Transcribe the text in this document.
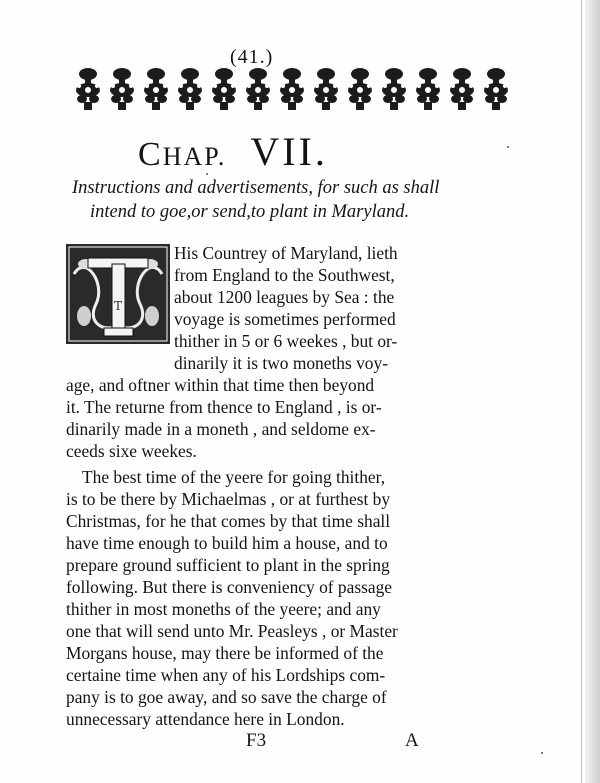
(41.)
CHAP. VII.
Instructions and advertisements, for such as shall
intend to goe,or send,to plant in Maryland.
T
His Countrey of Maryland, lieth
from England to the Southwest,
about 1200 leagues by Sea : the
voyage is sometimes performed
thither in 5 or 6 weekes , but or-
dinarily it is two moneths voy-
age, and oftner within that time then beyond
it. The returne from thence to England , is or-
dinarily made in a moneth , and seldome ex-
ceeds sixe weekes.
The best time of the yeere for going thither,
is to be there by Michaelmas , or at furthest by
Christmas, for he that comes by that time shall
have time enough to build him a house, and to
prepare ground sufficient to plant in the spring
following. But there is conveniency of passage
thither in most moneths of the yeere; and any
one that will send unto Mr. Peasleys , or Master
Morgans house, may there be informed of the
certaine time when any of his Lordships com-
pany is to goe away, and so save the charge of
unnecessary attendance here in London.
F3	A
